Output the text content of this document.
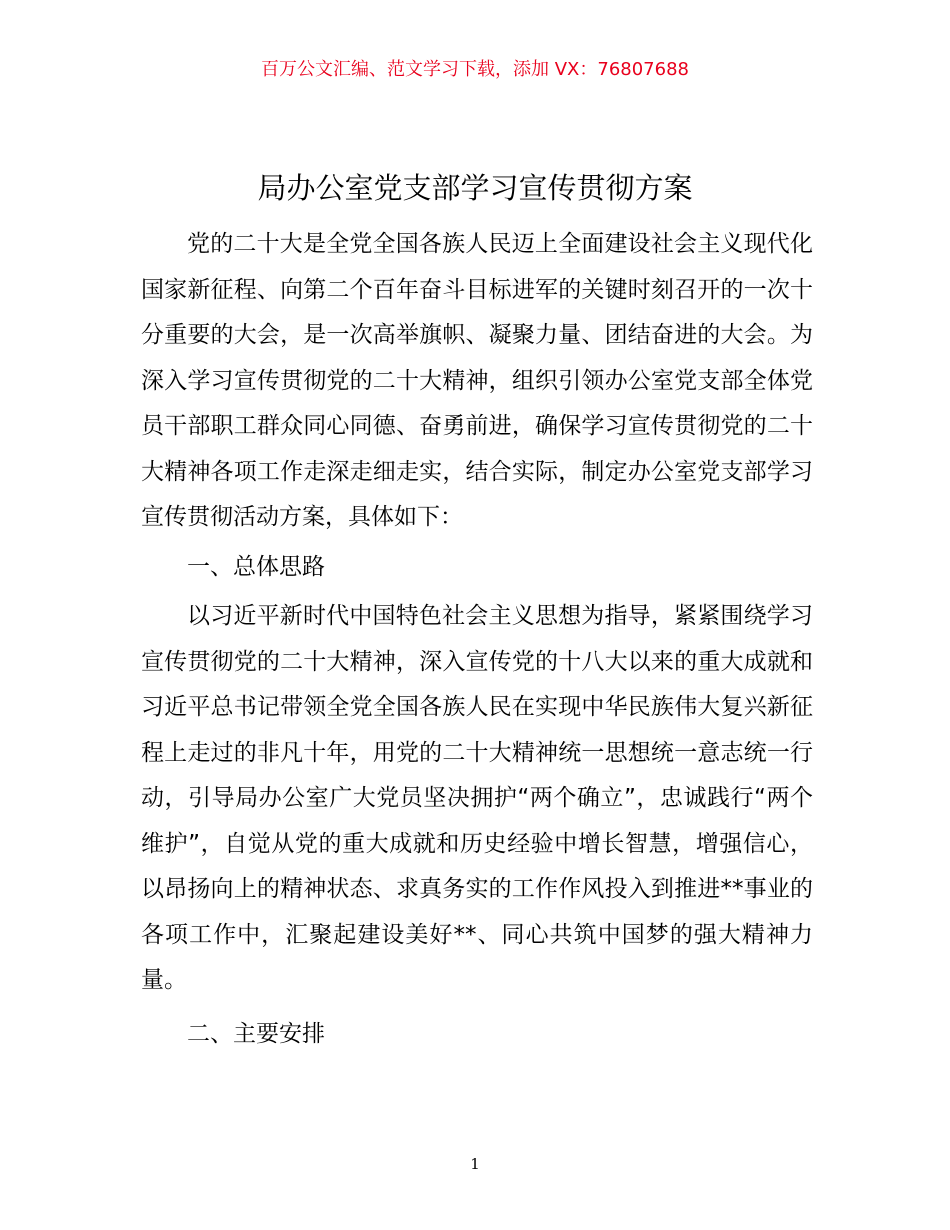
百万公文汇编、范文学习下载，添加 VX：76807688
局办公室党支部学习宣传贯彻方案

党的二十大是全党全国各族人民迈上全面建设社会主义现代化国家新征程、向第二个百年奋斗目标进军的关键时刻召开的一次十分重要的大会，是一次高举旗帜、凝聚力量、团结奋进的大会。为深入学习宣传贯彻党的二十大精神，组织引领办公室党支部全体党员干部职工群众同心同德、奋勇前进，确保学习宣传贯彻党的二十大精神各项工作走深走细走实，结合实际，制定办公室党支部学习宣传贯彻活动方案，具体如下：

一、总体思路

以习近平新时代中国特色社会主义思想为指导，紧紧围绕学习宣传贯彻党的二十大精神，深入宣传党的十八大以来的重大成就和习近平总书记带领全党全国各族人民在实现中华民族伟大复兴新征程上走过的非凡十年，用党的二十大精神统一思想统一意志统一行动，引导局办公室广大党员坚决拥护“两个确立”，忠诚践行“两个维护”，自觉从党的重大成就和历史经验中增长智慧，增强信心，以昂扬向上的精神状态、求真务实的工作作风投入到推进**事业的各项工作中，汇聚起建设美好**、同心共筑中国梦的强大精神力量。

二、主要安排

1
